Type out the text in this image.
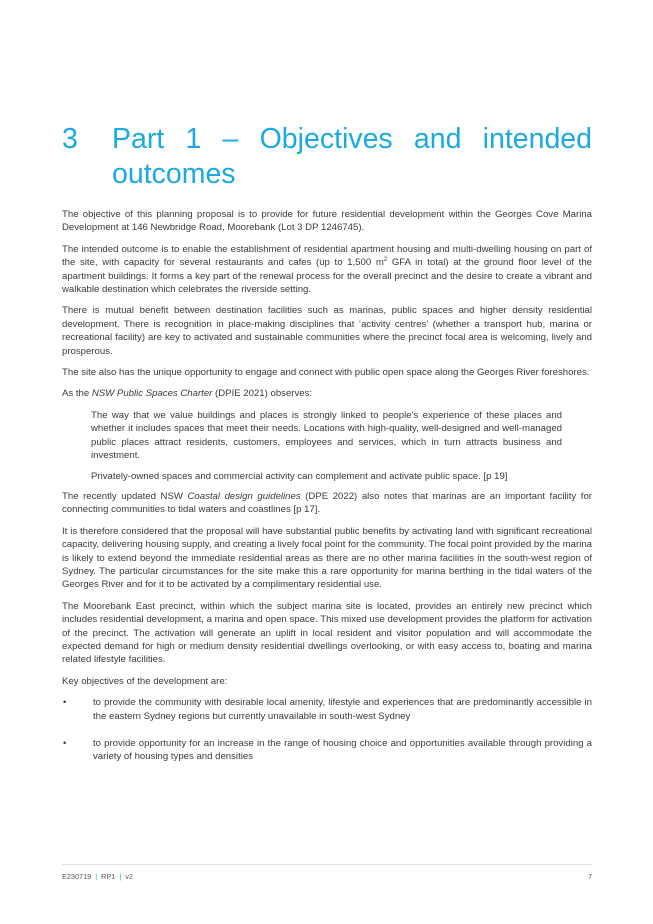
3 Part 1 – Objectives and intended
outcomes

The objective of this planning proposal is to provide for future residential development within the Georges Cove Marina Development at 146 Newbridge Road, Moorebank (Lot 3 DP 1246745).

The intended outcome is to enable the establishment of residential apartment housing and multi-dwelling housing on part of the site, with capacity for several restaurants and cafes (up to 1,500 $m^2$ GFA in total) at the ground floor level of the apartment buildings. It forms a key part of the renewal process for the overall precinct and the desire to create a vibrant and walkable destination which celebrates the riverside setting.

There is mutual benefit between destination facilities such as marinas, public spaces and higher density residential development. There is recognition in place-making disciplines that ‘activity centres’ (whether a transport hub, marina or recreational facility) are key to activated and sustainable communities where the precinct focal area is welcoming, lively and prosperous.

The site also has the unique opportunity to engage and connect with public open space along the Georges River foreshores.

As the NSW Public Spaces Charter (DPIE 2021) observes:

The way that we value buildings and places is strongly linked to people’s experience of these places and whether it includes spaces that meet their needs. Locations with high-quality, well-designed and well-managed public places attract residents, customers, employees and services, which in turn attracts business and investment.

Privately-owned spaces and commercial activity can complement and activate public space. [p 19]

The recently updated NSW Coastal design guidelines (DPE 2022) also notes that marinas are an important facility for connecting communities to tidal waters and coastlines [p 17].

It is therefore considered that the proposal will have substantial public benefits by activating land with significant recreational capacity, delivering housing supply, and creating a lively focal point for the community. The focal point provided by the marina is likely to extend beyond the immediate residential areas as there are no other marina facilities in the south-west region of Sydney. The particular circumstances for the site make this a rare opportunity for marina berthing in the tidal waters of the Georges River and for it to be activated by a complimentary residential use.

The Moorebank East precinct, within which the subject marina site is located, provides an entirely new precinct which includes residential development, a marina and open space. This mixed use development provides the platform for activation of the precinct. The activation will generate an uplift in local resident and visitor population and will accommodate the expected demand for high or medium density residential dwellings overlooking, or with easy access to, boating and marina related lifestyle facilities.

Key objectives of the development are:

•	to provide the community with desirable local amenity, lifestyle and experiences that are predominantly accessible in the eastern Sydney regions but currently unavailable in south-west Sydney
•	to provide opportunity for an increase in the range of housing choice and opportunities available through providing a variety of housing types and densities
E230719 | RP1 | v2	7
